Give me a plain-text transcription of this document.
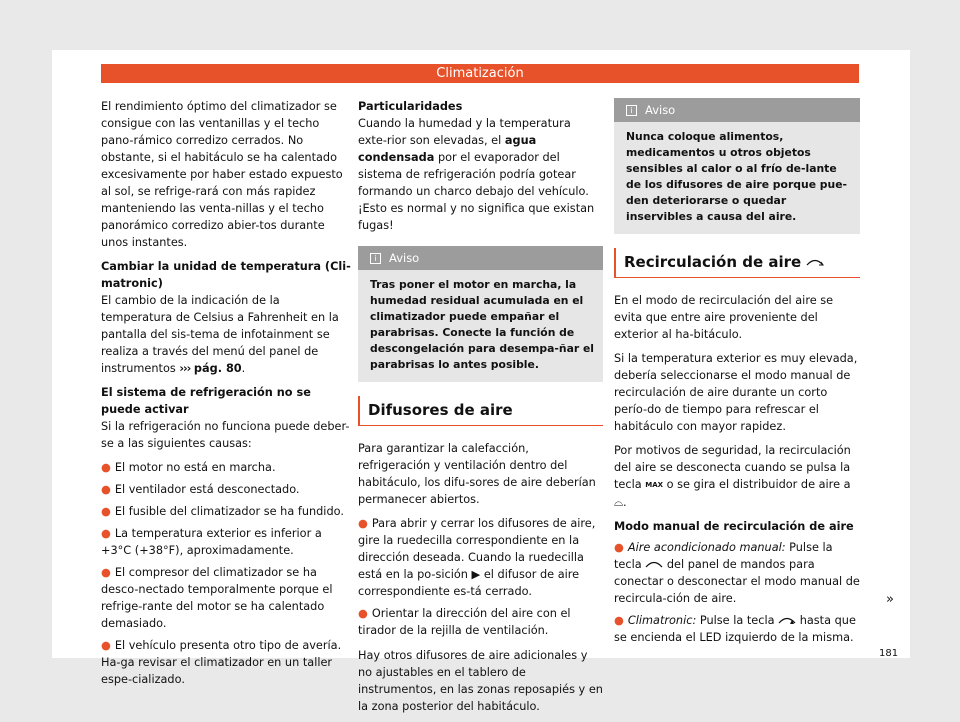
Climatización

El rendimiento óptimo del climatizador se consigue con las ventanillas y el techo pano-rámico corredizo cerrados. No obstante, si el habitáculo se ha calentado excesivamente por haber estado expuesto al sol, se refrige-rará con más rapidez manteniendo las venta-nillas y el techo panorámico corredizo abier-tos durante unos instantes.

Cambiar la unidad de temperatura (Cli-matronic)

El cambio de la indicación de la temperatura de Celsius a Fahrenheit en la pantalla del sis-tema de infotainment se realiza a través del menú del panel de instrumentos ››› pág. 80.

El sistema de refrigeración no se puede activar

Si la refrigeración no funciona puede deber-se a las siguientes causas:

● El motor no está en marcha.
● El ventilador está desconectado.
● El fusible del climatizador se ha fundido.
● La temperatura exterior es inferior a +3°C (+38°F), aproximadamente.
● El compresor del climatizador se ha desco-nectado temporalmente porque el refrige-rante del motor se ha calentado demasiado.
● El vehículo presenta otro tipo de avería. Ha-ga revisar el climatizador en un taller espe-cializado.

Particularidades

Cuando la humedad y la temperatura exte-rior son elevadas, el agua condensada por el evaporador del sistema de refrigeración podría gotear formando un charco debajo del vehículo. ¡Esto es normal y no significa que existan fugas!

i Aviso
Tras poner el motor en marcha, la humedad residual acumulada en el climatizador puede empañar el parabrisas. Conecte la función de descongelación para desempa-ñar el parabrisas lo antes posible.
Difusores de aire

Para garantizar la calefacción, refrigeración y ventilación dentro del habitáculo, los difu-sores de aire deberían permanecer abiertos.

● Para abrir y cerrar los difusores de aire, gire la ruedecilla correspondiente en la dirección deseada. Cuando la ruedecilla está en la po-sición ▶ el difusor de aire correspondiente es-tá cerrado.
● Orientar la dirección del aire con el tirador de la rejilla de ventilación.

Hay otros difusores de aire adicionales y no ajustables en el tablero de instrumentos, en las zonas reposapiés y en la zona posterior del habitáculo.

i Aviso
Nunca coloque alimentos, medicamentos u otros objetos sensibles al calor o al frío de-lante de los difusores de aire porque pue-den deteriorarse o quedar inservibles a causa del aire.
Recirculación de aire

En el modo de recirculación del aire se evita que entre aire proveniente del exterior al ha-bitáculo.

Si la temperatura exterior es muy elevada, debería seleccionarse el modo manual de recirculación de aire durante un corto perío-do de tiempo para refrescar el habitáculo con mayor rapidez.

Por motivos de seguridad, la recirculación del aire se desconecta cuando se pulsa la tecla MAX o se gira el distribuidor de aire a ⌓.

Modo manual de recirculación de aire

● Aire acondicionado manual: Pulse la tecla del panel de mandos para conectar o desconectar el modo manual de recircula-ción de aire.
● Climatronic: Pulse la tecla hasta que se encienda el LED izquierdo de la misma.
»
181
